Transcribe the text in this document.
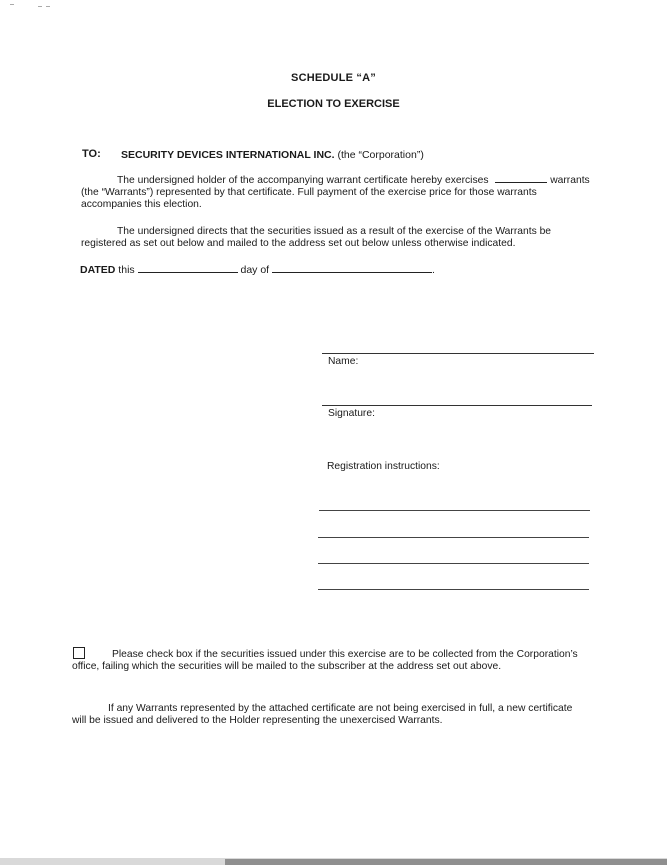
SCHEDULE “A”
ELECTION TO EXERCISE
TO: SECURITY DEVICES INTERNATIONAL INC. (the “Corporation”)
The undersigned holder of the accompanying warrant certificate hereby exercises	warrants (the “Warrants”) represented by that certificate. Full payment of the exercise price for those warrants accompanies this election.
The undersigned directs that the securities issued as a result of the exercise of the Warrants be registered as set out below and mailed to the address set out below unless otherwise indicated.
DATED this	day of	.
Name:
Signature:
Registration instructions:
Please check box if the securities issued under this exercise are to be collected from the Corporation’s office, failing which the securities will be mailed to the subscriber at the address set out above.
If any Warrants represented by the attached certificate are not being exercised in full, a new certificate will be issued and delivered to the Holder representing the unexercised Warrants.
